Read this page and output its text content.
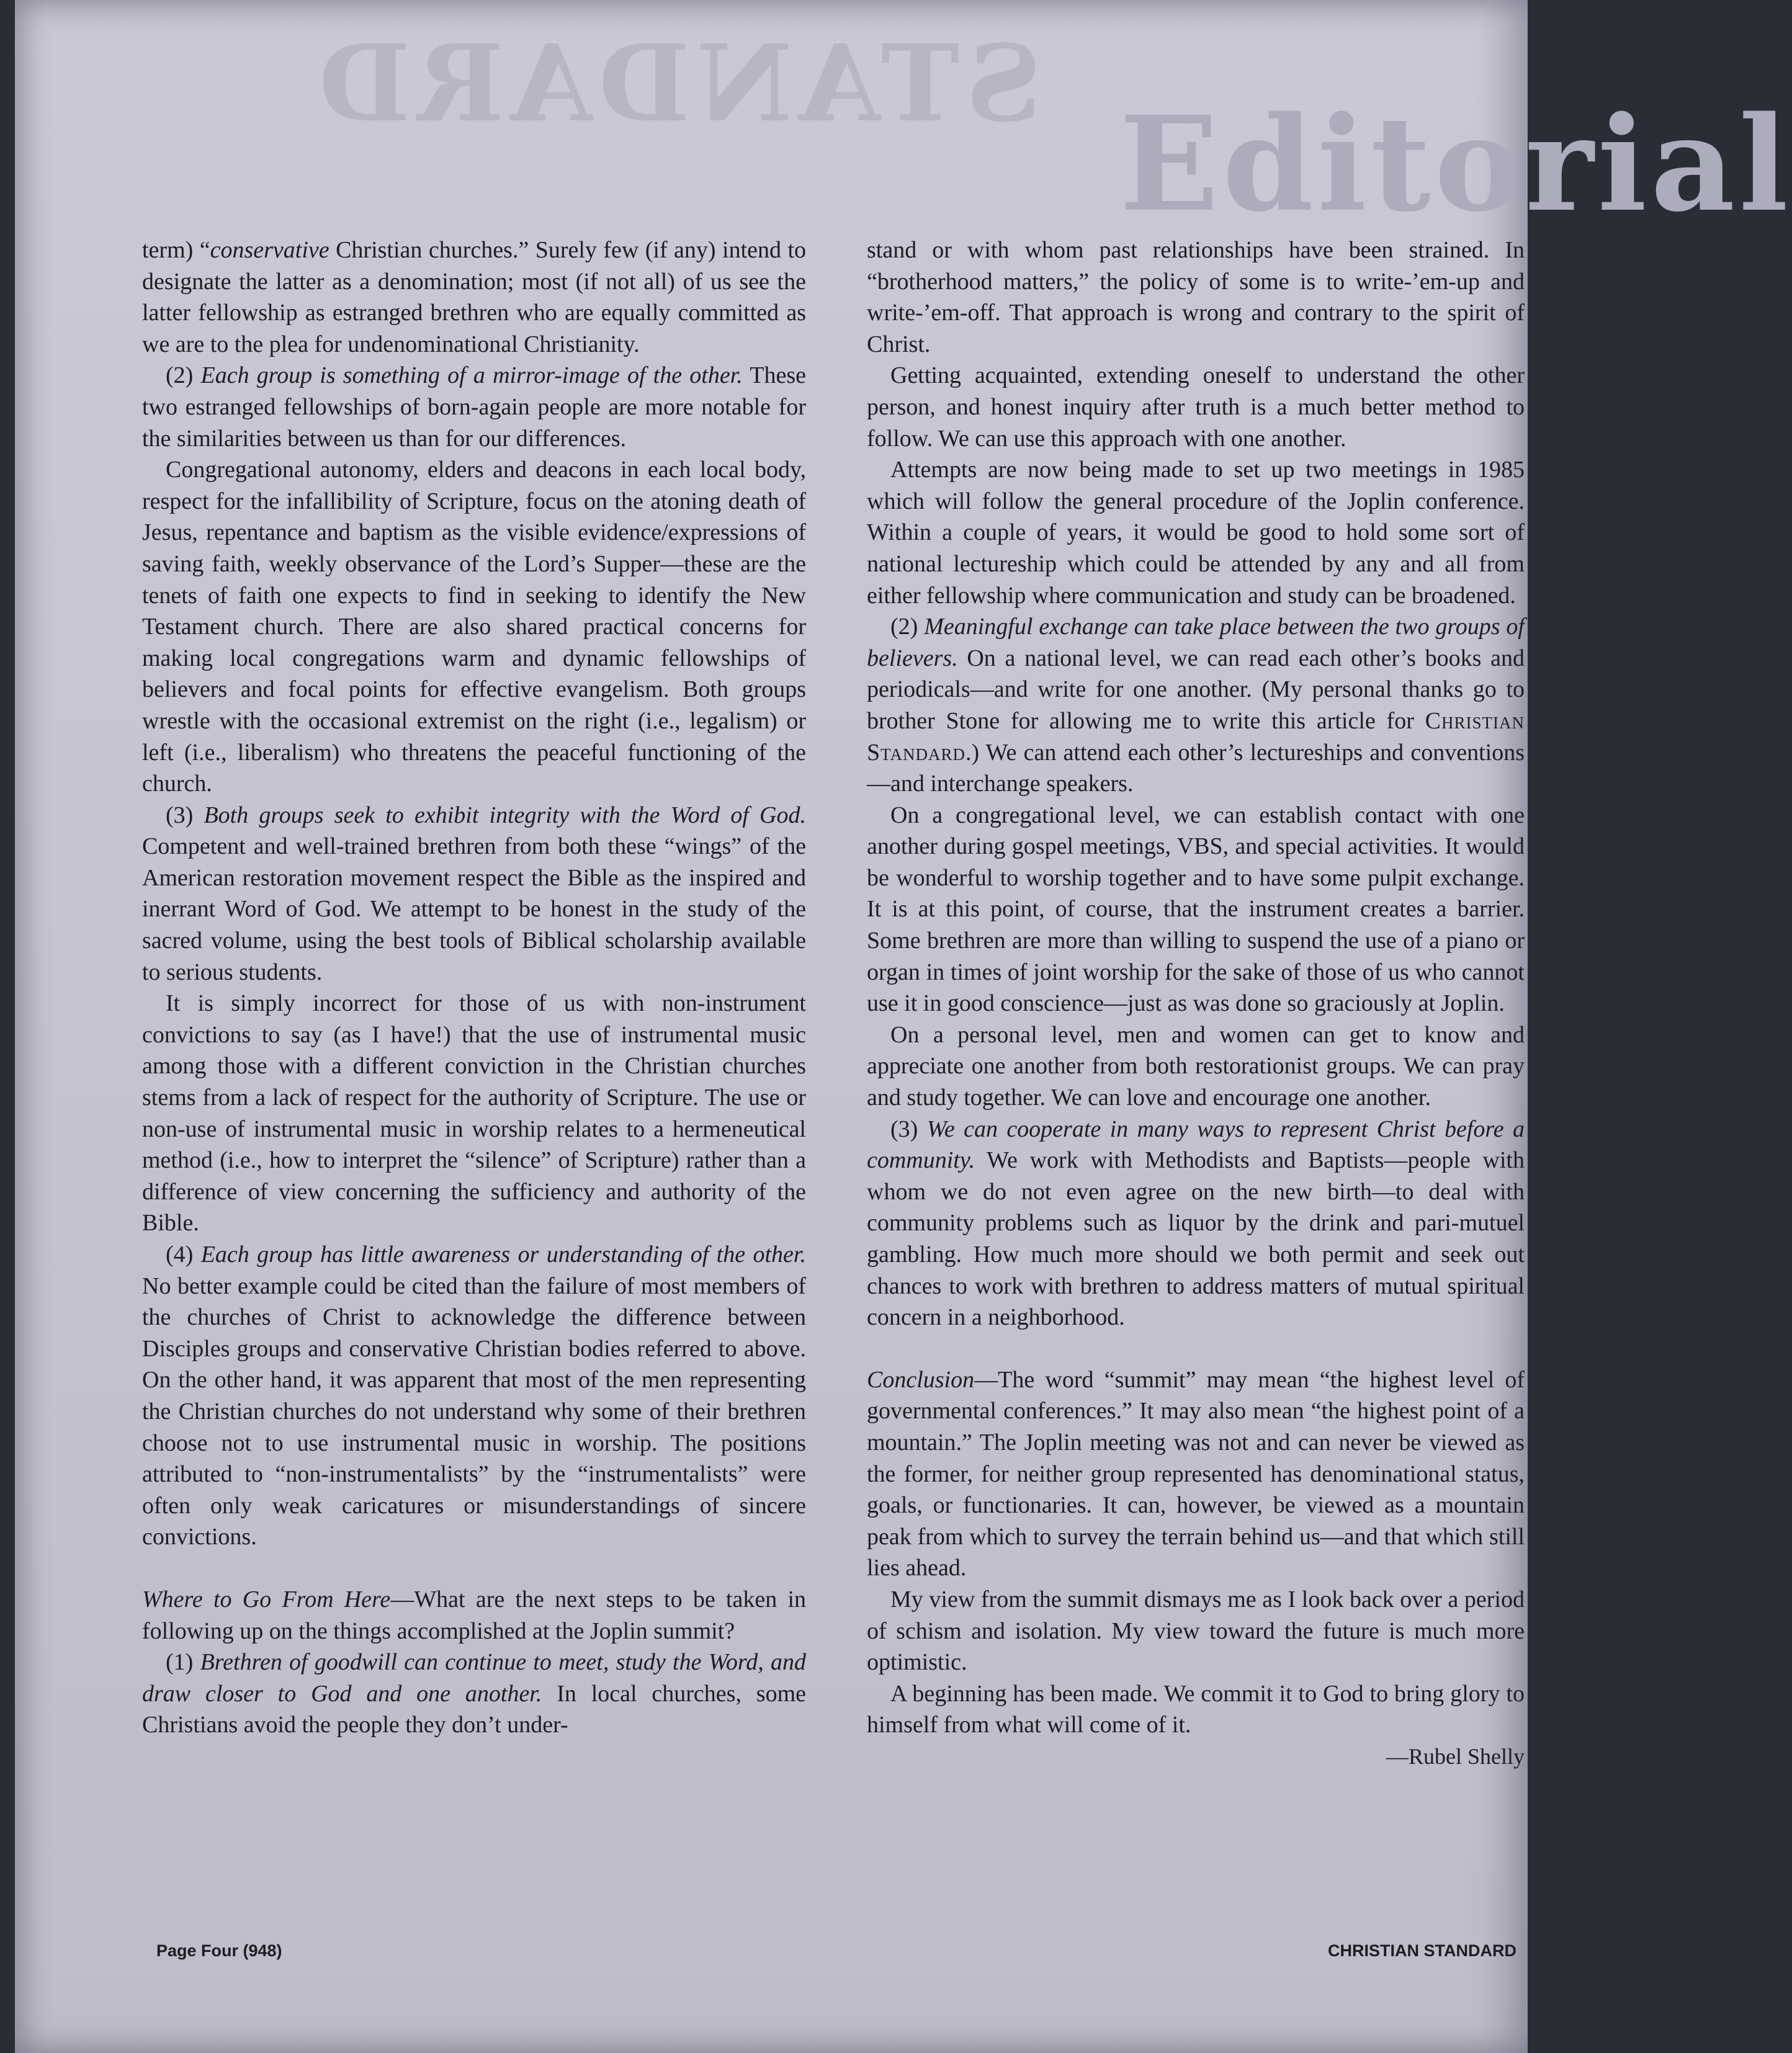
Editorial
STANDARD

term) “conservative Christian churches.” Surely few (if any) intend to designate the latter as a denomination; most (if not all) of us see the latter fellowship as estranged brethren who are equally committed as we are to the plea for undenominational Christianity.

(2) Each group is something of a mirror-image of the other. These two estranged fellowships of born-again people are more notable for the similarities between us than for our differences.

Congregational autonomy, elders and deacons in each local body, respect for the infallibility of Scripture, focus on the atoning death of Jesus, repentance and baptism as the visible evidence/expressions of saving faith, weekly observance of the Lord’s Supper—these are the tenets of faith one expects to find in seeking to identify the New Testament church. There are also shared practical concerns for making local congregations warm and dynamic fellowships of believers and focal points for effective evangelism. Both groups wrestle with the occasional extremist on the right (i.e., legalism) or left (i.e., liberalism) who threatens the peaceful functioning of the church.

(3) Both groups seek to exhibit integrity with the Word of God. Competent and well-trained brethren from both these “wings” of the American restoration movement respect the Bible as the inspired and inerrant Word of God. We attempt to be honest in the study of the sacred volume, using the best tools of Biblical scholarship available to serious students.

It is simply incorrect for those of us with non-instrument convictions to say (as I have!) that the use of instrumental music among those with a different conviction in the Christian churches stems from a lack of respect for the authority of Scripture. The use or non-use of instrumental music in worship relates to a hermeneutical method (i.e., how to interpret the “silence” of Scripture) rather than a difference of view concerning the sufficiency and authority of the Bible.

(4) Each group has little awareness or understanding of the other. No better example could be cited than the failure of most members of the churches of Christ to acknowledge the difference between Disciples groups and conservative Christian bodies referred to above. On the other hand, it was apparent that most of the men representing the Christian churches do not understand why some of their brethren choose not to use instrumental music in worship. The positions attributed to “non-instrumentalists” by the “instrumentalists” were often only weak caricatures or misunderstandings of sincere convictions.

Where to Go From Here—What are the next steps to be taken in following up on the things accomplished at the Joplin summit?

(1) Brethren of goodwill can continue to meet, study the Word, and draw closer to God and one another. In local churches, some Christians avoid the people they don’t under-

stand or with whom past relationships have been strained. In “brotherhood matters,” the policy of some is to write-’em-up and write-’em-off. That approach is wrong and contrary to the spirit of Christ.

Getting acquainted, extending oneself to understand the other person, and honest inquiry after truth is a much better method to follow. We can use this approach with one another.

Attempts are now being made to set up two meetings in 1985 which will follow the general procedure of the Joplin conference. Within a couple of years, it would be good to hold some sort of national lectureship which could be attended by any and all from either fellowship where communication and study can be broadened.

(2) Meaningful exchange can take place between the two groups of believers. On a national level, we can read each other’s books and periodicals—and write for one another. (My personal thanks go to brother Stone for allowing me to write this article for Christian Standard.) We can attend each other’s lectureships and conventions—and interchange speakers.

On a congregational level, we can establish contact with one another during gospel meetings, VBS, and special activities. It would be wonderful to worship together and to have some pulpit exchange. It is at this point, of course, that the instrument creates a barrier. Some brethren are more than willing to suspend the use of a piano or organ in times of joint worship for the sake of those of us who cannot use it in good conscience—just as was done so graciously at Joplin.

On a personal level, men and women can get to know and appreciate one another from both restorationist groups. We can pray and study together. We can love and encourage one another.

(3) We can cooperate in many ways to represent Christ before a community. We work with Methodists and Baptists—people with whom we do not even agree on the new birth—to deal with community problems such as liquor by the drink and pari-mutuel gambling. How much more should we both permit and seek out chances to work with brethren to address matters of mutual spiritual concern in a neighborhood.

Conclusion—The word “summit” may mean “the highest level of governmental conferences.” It may also mean “the highest point of a mountain.” The Joplin meeting was not and can never be viewed as the former, for neither group represented has denominational status, goals, or functionaries. It can, however, be viewed as a mountain peak from which to survey the terrain behind us—and that which still lies ahead.

My view from the summit dismays me as I look back over a period of schism and isolation. My view toward the future is much more optimistic.

A beginning has been made. We commit it to God to bring glory to himself from what will come of it.

—Rubel Shelly
Page Four (948)	CHRISTIAN STANDARD
